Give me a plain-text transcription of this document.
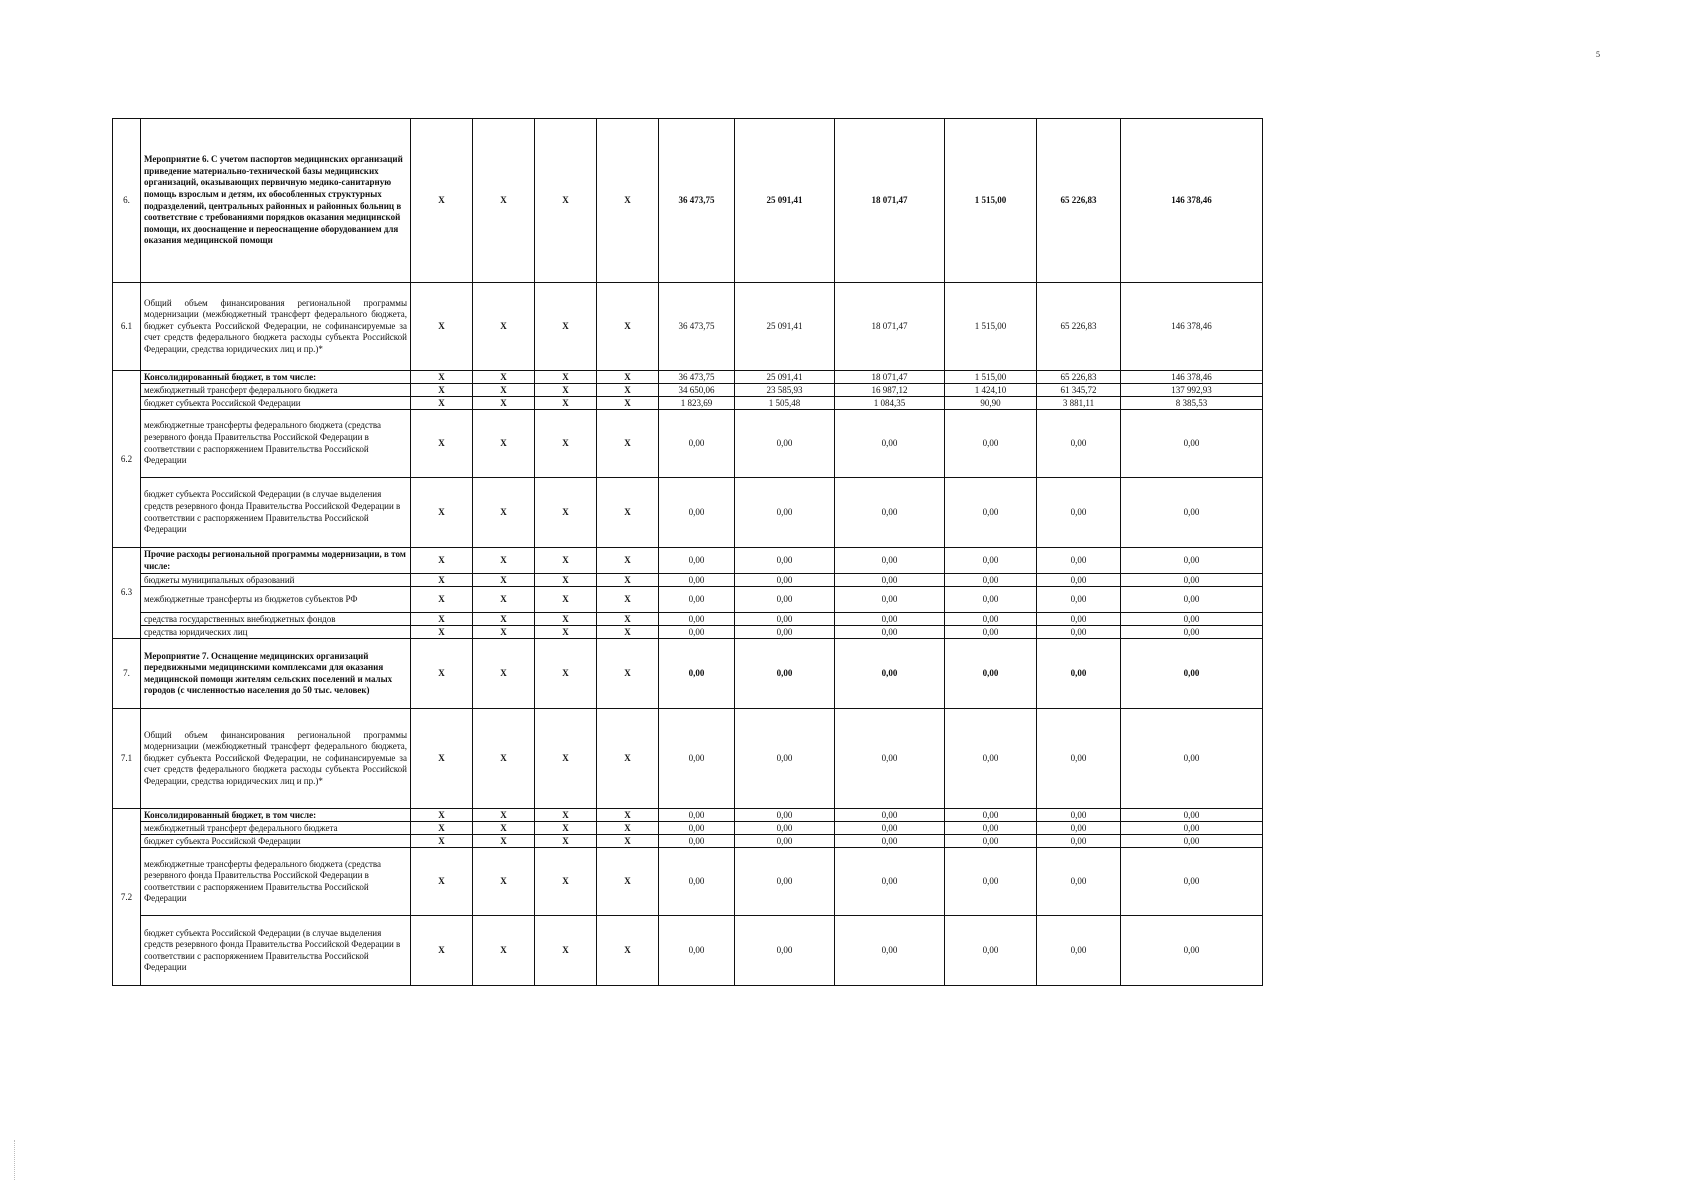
5
6.	Мероприятие 6. С учетом паспортов медицинских организаций приведение материально-технической базы медицинских организаций, оказывающих первичную медико-санитарную помощь взрослым и детям, их обособленных структурных подразделений, центральных районных и районных больниц в соответствие с требованиями порядков оказания медицинской помощи, их дооснащение и переоснащение оборудованием для оказания медицинской помощи	Х	Х	Х	Х	36 473,75	25 091,41	18 071,47	1 515,00	65 226,83	146 378,46
6.1	Общий объем финансирования региональной программы модернизации (межбюджетный трансферт федерального бюджета, бюджет субъекта Российской Федерации, не софинансируемые за счет средств федерального бюджета расходы субъекта Российской Федерации, средства юридических лиц и пр.)*	Х	Х	Х	Х	36 473,75	25 091,41	18 071,47	1 515,00	65 226,83	146 378,46
6.2	Консолидированный бюджет, в том числе:	Х	Х	Х	Х	36 473,75	25 091,41	18 071,47	1 515,00	65 226,83	146 378,46
	межбюджетный трансферт федерального бюджета	Х	Х	Х	Х	34 650,06	23 585,93	16 987,12	1 424,10	61 345,72	137 992,93
	бюджет субъекта Российской Федерации	Х	Х	Х	Х	1 823,69	1 505,48	1 084,35	90,90	3 881,11	8 385,53
	межбюджетные трансферты федерального бюджета (средства резервного фонда Правительства Российской Федерации в соответствии с распоряжением Правительства Российской Федерации	Х	Х	Х	Х	0,00	0,00	0,00	0,00	0,00	0,00
	бюджет субъекта Российской Федерации (в случае выделения средств резервного фонда Правительства Российской Федерации в соответствии с распоряжением Правительства Российской Федерации	Х	Х	Х	Х	0,00	0,00	0,00	0,00	0,00	0,00
6.3	Прочие расходы региональной программы модернизации, в том числе:	Х	Х	Х	Х	0,00	0,00	0,00	0,00	0,00	0,00
	бюджеты муниципальных образований	Х	Х	Х	Х	0,00	0,00	0,00	0,00	0,00	0,00
	межбюджетные трансферты из бюджетов субъектов РФ	Х	Х	Х	Х	0,00	0,00	0,00	0,00	0,00	0,00
	средства государственных внебюджетных фондов	Х	Х	Х	Х	0,00	0,00	0,00	0,00	0,00	0,00
	средства юридических лиц	Х	Х	Х	Х	0,00	0,00	0,00	0,00	0,00	0,00
7.	Мероприятие 7. Оснащение медицинских организаций передвижными медицинскими комплексами для оказания медицинской помощи жителям сельских поселений и малых городов (с численностью населения до 50 тыс. человек)	Х	Х	Х	Х	0,00	0,00	0,00	0,00	0,00	0,00
7.1	Общий объем финансирования региональной программы модернизации (межбюджетный трансферт федерального бюджета, бюджет субъекта Российской Федерации, не софинансируемые за счет средств федерального бюджета расходы субъекта Российской Федерации, средства юридических лиц и пр.)*	Х	Х	Х	Х	0,00	0,00	0,00	0,00	0,00	0,00
7.2	Консолидированный бюджет, в том числе:	Х	Х	Х	Х	0,00	0,00	0,00	0,00	0,00	0,00
	межбюджетный трансферт федерального бюджета	Х	Х	Х	Х	0,00	0,00	0,00	0,00	0,00	0,00
	бюджет субъекта Российской Федерации	Х	Х	Х	Х	0,00	0,00	0,00	0,00	0,00	0,00
	межбюджетные трансферты федерального бюджета (средства резервного фонда Правительства Российской Федерации в соответствии с распоряжением Правительства Российской Федерации	Х	Х	Х	Х	0,00	0,00	0,00	0,00	0,00	0,00
	бюджет субъекта Российской Федерации (в случае выделения средств резервного фонда Правительства Российской Федерации в соответствии с распоряжением Правительства Российской Федерации	Х	Х	Х	Х	0,00	0,00	0,00	0,00	0,00	0,00
